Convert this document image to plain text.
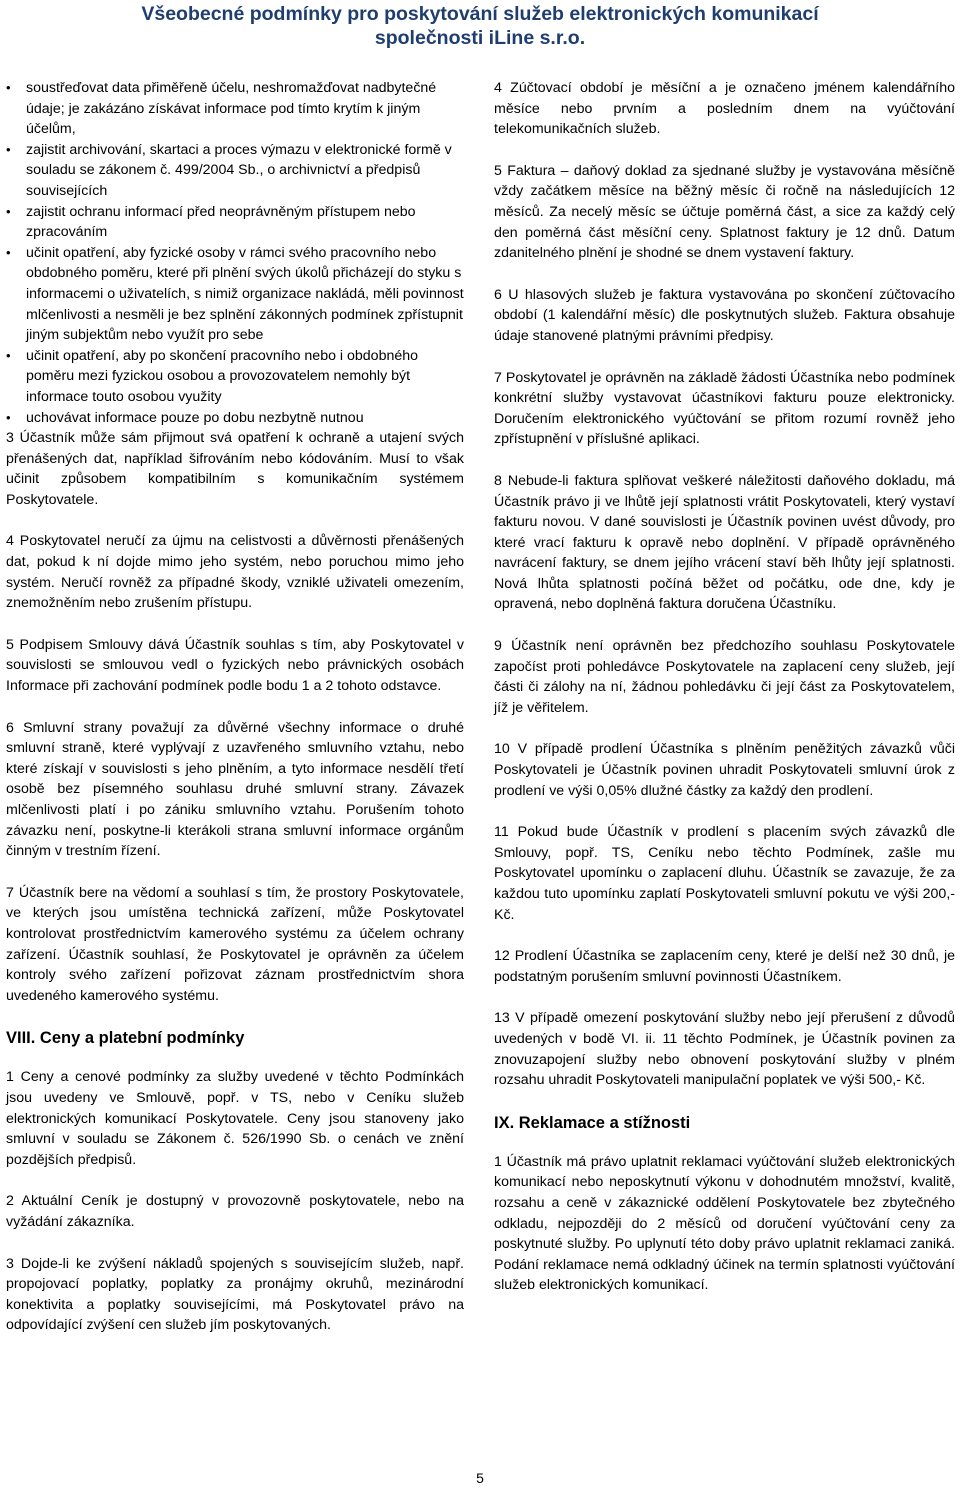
Všeobecné podmínky pro poskytování služeb elektronických komunikací
společnosti iLine s.r.o.
• soustřeďovat data přiměřeně účelu, neshromažďovat nadbytečné údaje; je zakázáno získávat informace pod tímto krytím k jiným účelům,
• zajistit archivování, skartaci a proces výmazu v elektronické formě v souladu se zákonem č. 499/2004 Sb., o archivnictví a předpisů souvisejících
• zajistit ochranu informací před neoprávněným přístupem nebo zpracováním
• učinit opatření, aby fyzické osoby v rámci svého pracovního nebo obdobného poměru, které při plnění svých úkolů přicházejí do styku s informacemi o uživatelích, s nimiž organizace nakládá, měli povinnost mlčenlivosti a nesměli je bez splnění zákonných podmínek zpřístupnit jiným subjektům nebo využít pro sebe
• učinit opatření, aby po skončení pracovního nebo i obdobného poměru mezi fyzickou osobou a provozovatelem nemohly být informace touto osobou využity
• uchovávat informace pouze po dobu nezbytně nutnou

3 Účastník může sám přijmout svá opatření k ochraně a utajení svých přenášených dat, například šifrováním nebo kódováním. Musí to však učinit způsobem kompatibilním s komunikačním systémem Poskytovatele.

4 Poskytovatel neručí za újmu na celistvosti a důvěrnosti přenášených dat, pokud k ní dojde mimo jeho systém, nebo poruchou mimo jeho systém. Neručí rovněž za případné škody, vzniklé uživateli omezením, znemožněním nebo zrušením přístupu.

5 Podpisem Smlouvy dává Účastník souhlas s tím, aby Poskytovatel v souvislosti se smlouvou vedl o fyzických nebo právnických osobách Informace při zachování podmínek podle bodu 1 a 2 tohoto odstavce.

6 Smluvní strany považují za důvěrné všechny informace o druhé smluvní straně, které vyplývají z uzavřeného smluvního vztahu, nebo které získají v souvislosti s jeho plněním, a tyto informace nesdělí třetí osobě bez písemného souhlasu druhé smluvní strany. Závazek mlčenlivosti platí i po zániku smluvního vztahu. Porušením tohoto závazku není, poskytne-li kterákoli strana smluvní informace orgánům činným v trestním řízení.

7 Účastník bere na vědomí a souhlasí s tím, že prostory Poskytovatele, ve kterých jsou umístěna technická zařízení, může Poskytovatel kontrolovat prostřednictvím kamerového systému za účelem ochrany zařízení. Účastník souhlasí, že Poskytovatel je oprávněn za účelem kontroly svého zařízení pořizovat záznam prostřednictvím shora uvedeného kamerového systému.

VIII. Ceny a platební podmínky

1 Ceny a cenové podmínky za služby uvedené v těchto Podmínkách jsou uvedeny ve Smlouvě, popř. v TS, nebo v Ceníku služeb elektronických komunikací Poskytovatele. Ceny jsou stanoveny jako smluvní v souladu se Zákonem č. 526/1990 Sb. o cenách ve znění pozdějších předpisů.

2 Aktuální Ceník je dostupný v provozovně poskytovatele, nebo na vyžádání zákazníka.

3 Dojde-li ke zvýšení nákladů spojených s souvisejícím služeb, např. propojovací poplatky, poplatky za pronájmy okruhů, mezinárodní konektivita a poplatky souvisejícími, má Poskytovatel právo na odpovídající zvýšení cen služeb jím poskytovaných.

4 Zúčtovací období je měsíční a je označeno jménem kalendářního měsíce nebo prvním a posledním dnem na vyúčtování telekomunikačních služeb.

5 Faktura – daňový doklad za sjednané služby je vystavována měsíčně vždy začátkem měsíce na běžný měsíc či ročně na následujících 12 měsíců. Za necelý měsíc se účtuje poměrná část, a sice za každý celý den poměrná část měsíční ceny. Splatnost faktury je 12 dnů. Datum zdanitelného plnění je shodné se dnem vystavení faktury.

6 U hlasových služeb je faktura vystavována po skončení zúčtovacího období (1 kalendářní měsíc) dle poskytnutých služeb. Faktura obsahuje údaje stanovené platnými právními předpisy.

7 Poskytovatel je oprávněn na základě žádosti Účastníka nebo podmínek konkrétní služby vystavovat účastníkovi fakturu pouze elektronicky. Doručením elektronického vyúčtování se přitom rozumí rovněž jeho zpřístupnění v příslušné aplikaci.

8 Nebude-li faktura splňovat veškeré náležitosti daňového dokladu, má Účastník právo ji ve lhůtě její splatnosti vrátit Poskytovateli, který vystaví fakturu novou. V dané souvislosti je Účastník povinen uvést důvody, pro které vrací fakturu k opravě nebo doplnění. V případě oprávněného navrácení faktury, se dnem jejího vrácení staví běh lhůty její splatnosti. Nová lhůta splatnosti počíná běžet od počátku, ode dne, kdy je opravená, nebo doplněná faktura doručena Účastníku.

9 Účastník není oprávněn bez předchozího souhlasu Poskytovatele započíst proti pohledávce Poskytovatele na zaplacení ceny služeb, její části či zálohy na ní, žádnou pohledávku či její část za Poskytovatelem, jíž je věřitelem.

10 V případě prodlení Účastníka s plněním peněžitých závazků vůči Poskytovateli je Účastník povinen uhradit Poskytovateli smluvní úrok z prodlení ve výši 0,05% dlužné částky za každý den prodlení.

11 Pokud bude Účastník v prodlení s placením svých závazků dle Smlouvy, popř. TS, Ceníku nebo těchto Podmínek, zašle mu Poskytovatel upomínku o zaplacení dluhu. Účastník se zavazuje, že za každou tuto upomínku zaplatí Poskytovateli smluvní pokutu ve výši 200,- Kč.

12 Prodlení Účastníka se zaplacením ceny, které je delší než 30 dnů, je podstatným porušením smluvní povinnosti Účastníkem.

13 V případě omezení poskytování služby nebo její přerušení z důvodů uvedených v bodě VI. ii. 11 těchto Podmínek, je Účastník povinen za znovuzapojení služby nebo obnovení poskytování služby v plném rozsahu uhradit Poskytovateli manipulační poplatek ve výši 500,- Kč.

IX. Reklamace a stížnosti

1 Účastník má právo uplatnit reklamaci vyúčtování služeb elektronických komunikací nebo neposkytnutí výkonu v dohodnutém množství, kvalitě, rozsahu a ceně v zákaznické oddělení Poskytovatele bez zbytečného odkladu, nejpozději do 2 měsíců od doručení vyúčtování ceny za poskytnuté služby. Po uplynutí této doby právo uplatnit reklamaci zaniká. Podání reklamace nemá odkladný účinek na termín splatnosti vyúčtování služeb elektronických komunikací.

5
